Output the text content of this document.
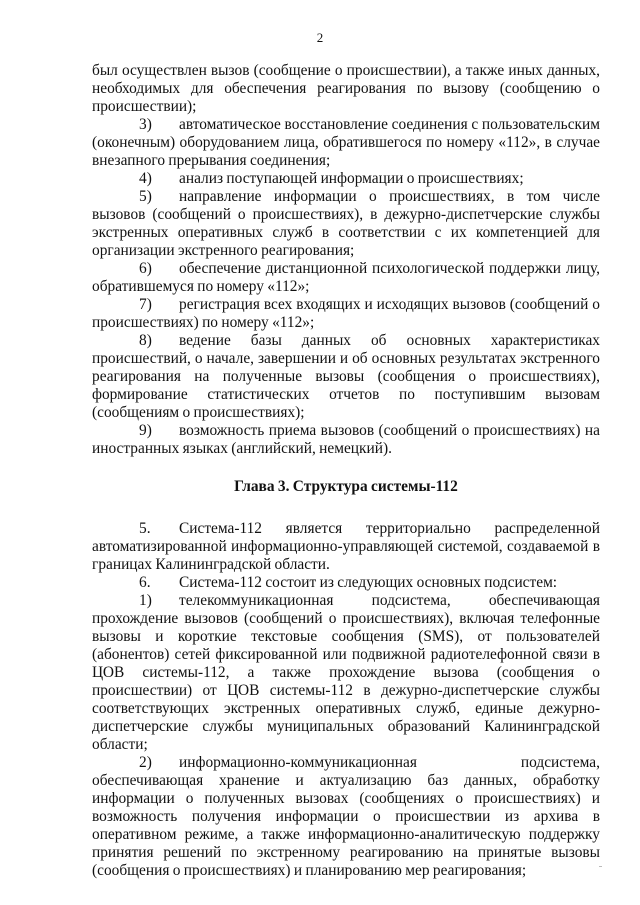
2

был осуществлен вызов (сообщение о происшествии), а также иных данных, необходимых для обеспечения реагирования по вызову (сообщению о происшествии);

3) автоматическое восстановление соединения с пользовательским (оконечным) оборудованием лица, обратившегося по номеру «112», в случае внезапного прерывания соединения;

4) анализ поступающей информации о происшествиях;

5) направление информации о происшествиях, в том числе вызовов (сообщений о происшествиях), в дежурно-диспетчерские службы экстренных оперативных служб в соответствии с их компетенцией для организации экстренного реагирования;

6) обеспечение дистанционной психологической поддержки лицу, обратившемуся по номеру «112»;

7) регистрация всех входящих и исходящих вызовов (сообщений о происшествиях) по номеру «112»;

8) ведение базы данных об основных характеристиках происшествий, о начале, завершении и об основных результатах экстренного реагирования на полученные вызовы (сообщения о происшествиях), формирование статистических отчетов по поступившим вызовам (сообщениям о происшествиях);

9) возможность приема вызовов (сообщений о происшествиях) на иностранных языках (английский, немецкий).

Глава 3. Структура системы-112

5. Система-112 является территориально распределенной автоматизированной информационно-управляющей системой, создаваемой в границах Калининградской области.

6. Система-112 состоит из следующих основных подсистем:

1) телекоммуникационная подсистема, обеспечивающая прохождение вызовов (сообщений о происшествиях), включая телефонные вызовы и короткие текстовые сообщения (SMS), от пользователей (абонентов) сетей фиксированной или подвижной радиотелефонной связи в ЦОВ системы-112, а также прохождение вызова (сообщения о происшествии) от ЦОВ системы-112 в дежурно-диспетчерские службы соответствующих экстренных оперативных служб, единые дежурно-диспетчерские службы муниципальных образований Калининградской области;

2) информационно-коммуникационная подсистема, обеспечивающая хранение и актуализацию баз данных, обработку информации о полученных вызовах (сообщениях о происшествиях) и возможность получения информации о происшествии из архива в оперативном режиме, а также информационно-аналитическую поддержку принятия решений по экстренному реагированию на принятые вызовы (сообщения о происшествиях) и планированию мер реагирования;
